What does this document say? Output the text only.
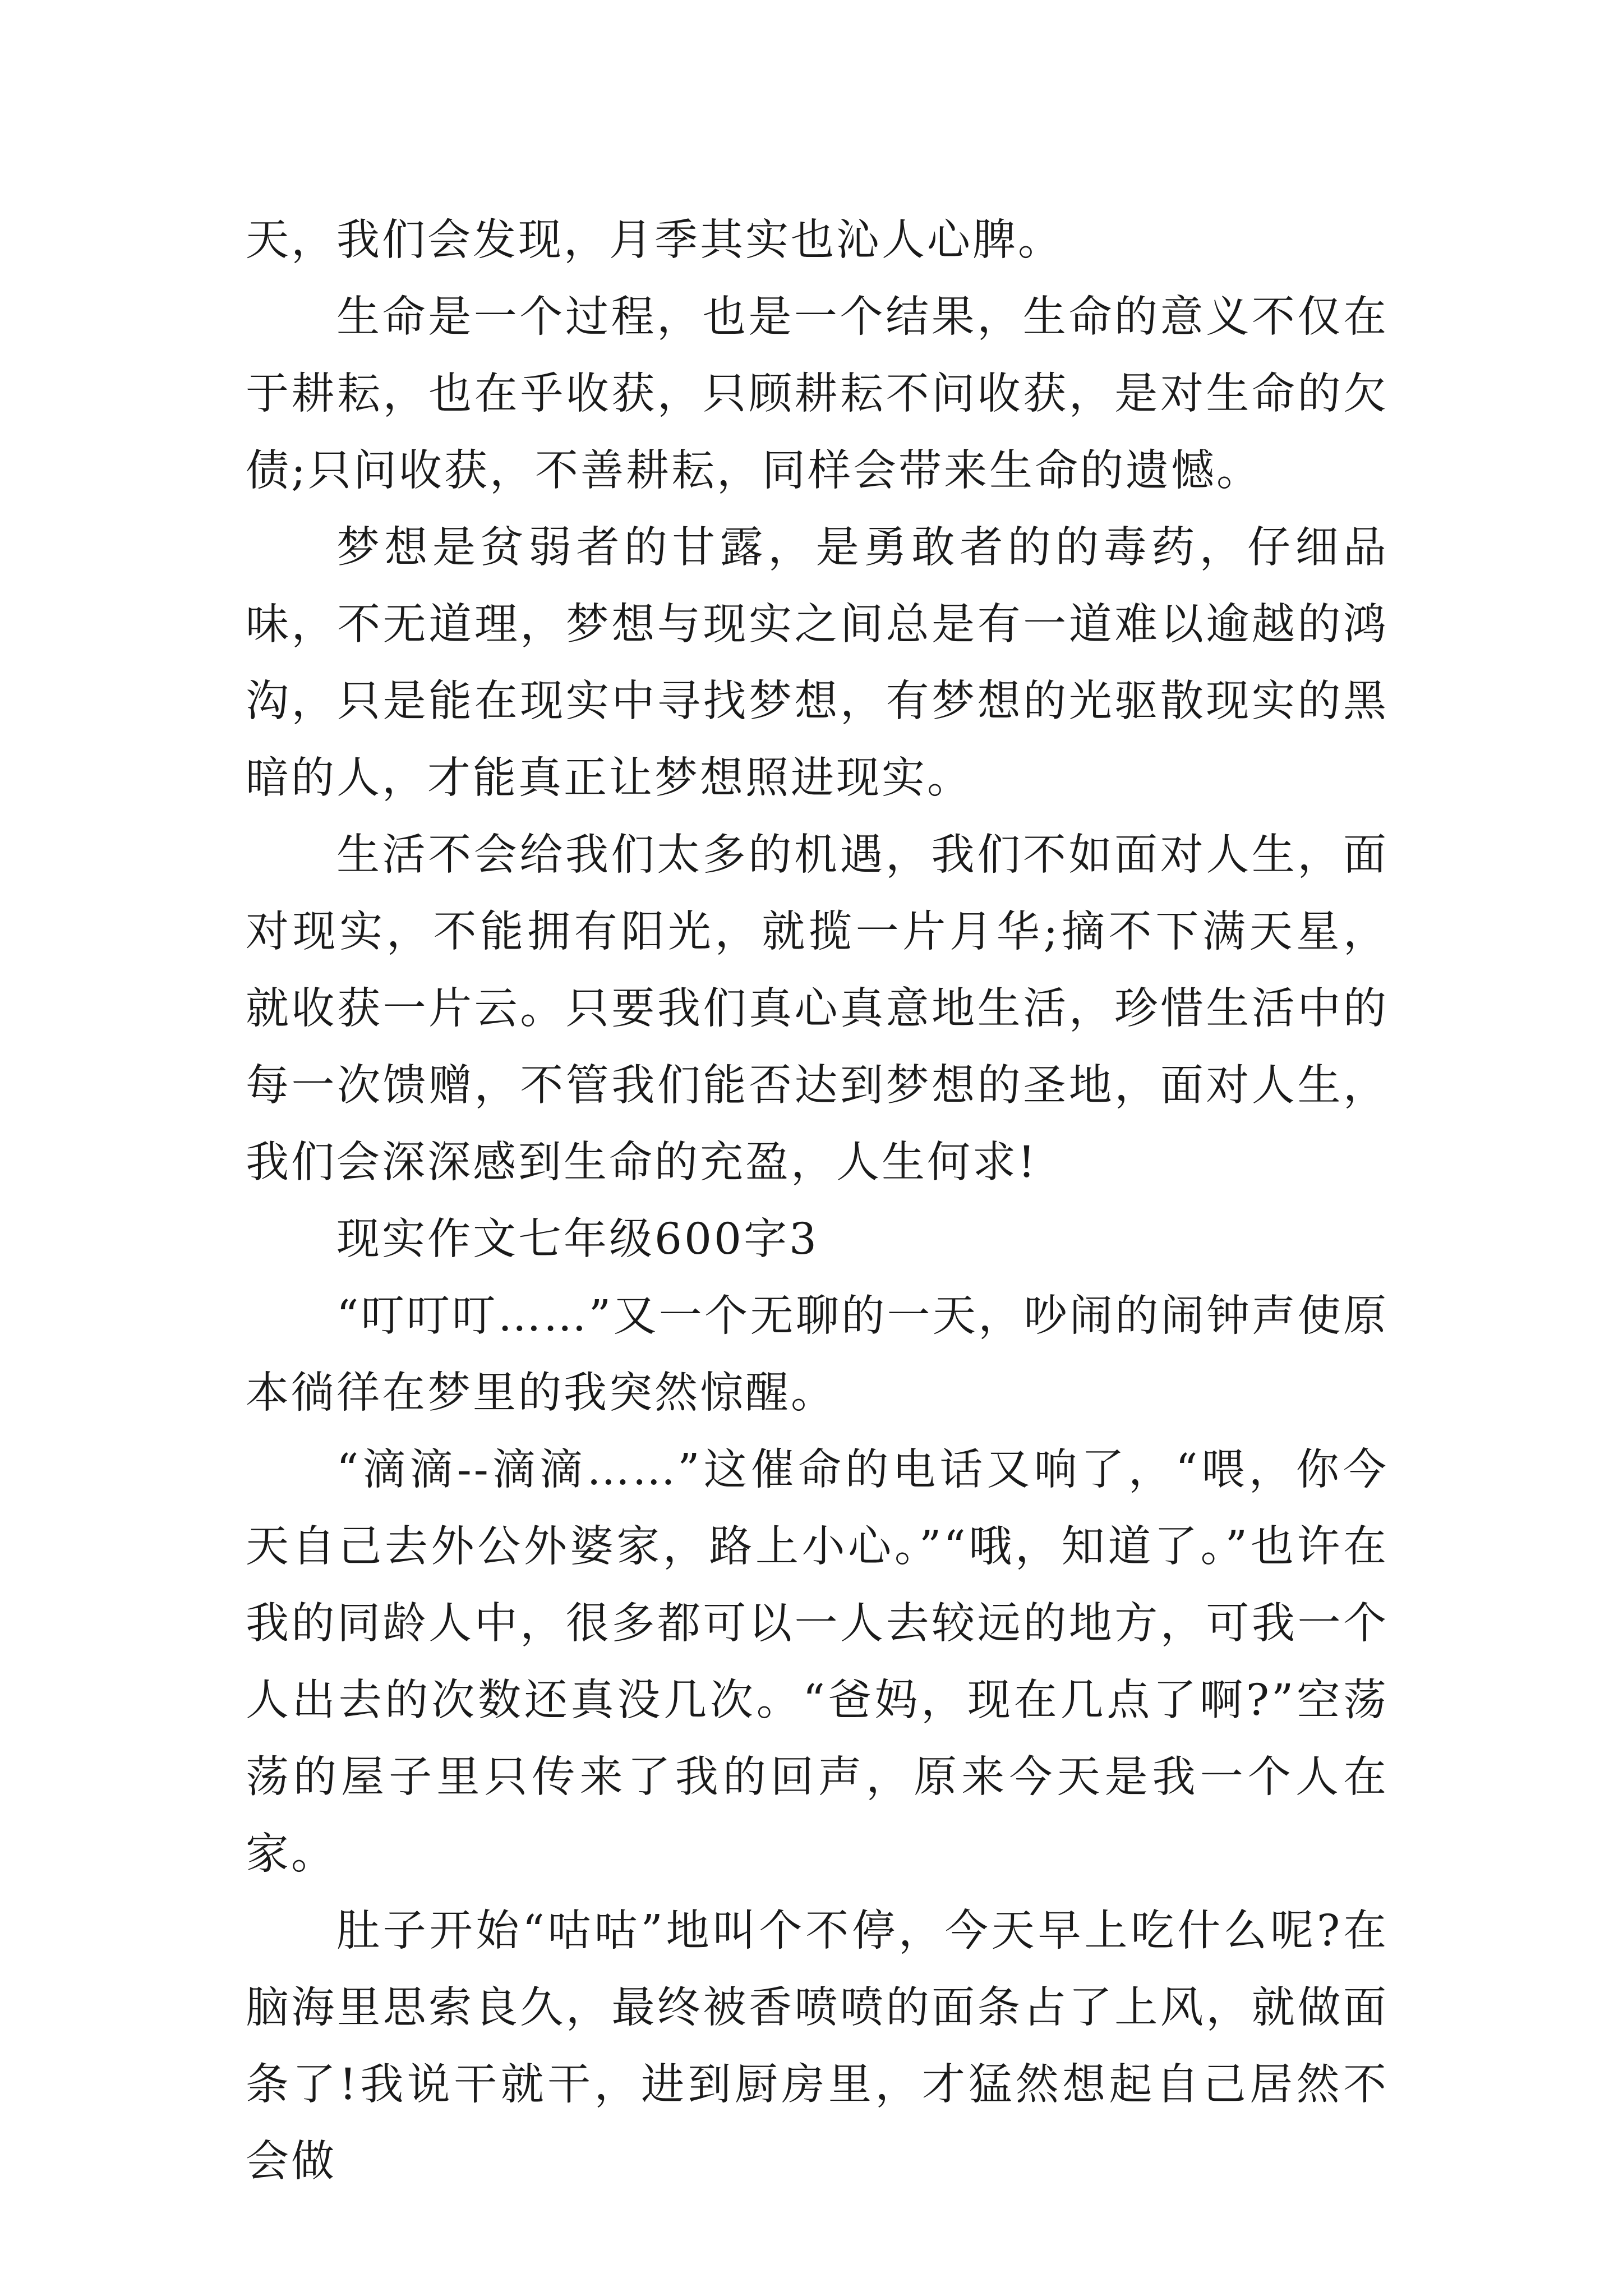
天，我们会发现，月季其实也沁人心脾。

生命是一个过程，也是一个结果，生命的意义不仅在于耕耘，也在乎收获，只顾耕耘不问收获，是对生命的欠债;只问收获，不善耕耘，同样会带来生命的遗憾。

梦想是贫弱者的甘露，是勇敢者的的毒药，仔细品味，不无道理，梦想与现实之间总是有一道难以逾越的鸿沟，只是能在现实中寻找梦想，有梦想的光驱散现实的黑暗的人，才能真正让梦想照进现实。

生活不会给我们太多的机遇，我们不如面对人生，面对现实，不能拥有阳光，就揽一片月华;摘不下满天星，就收获一片云。只要我们真心真意地生活，珍惜生活中的每一次馈赠，不管我们能否达到梦想的圣地，面对人生，我们会深深感到生命的充盈，人生何求!

现实作文七年级600字3

“叮叮叮……”又一个无聊的一天，吵闹的闹钟声使原本徜徉在梦里的我突然惊醒。

“滴滴--滴滴……”这催命的电话又响了，“喂，你今天自己去外公外婆家，路上小心。”“哦，知道了。”也许在我的同龄人中，很多都可以一人去较远的地方，可我一个人出去的次数还真没几次。“爸妈，现在几点了啊?”空荡荡的屋子里只传来了我的回声，原来今天是我一个人在家。

肚子开始“咕咕”地叫个不停，今天早上吃什么呢?在脑海里思索良久，最终被香喷喷的面条占了上风，就做面条了!我说干就干，进到厨房里，才猛然想起自己居然不会做
